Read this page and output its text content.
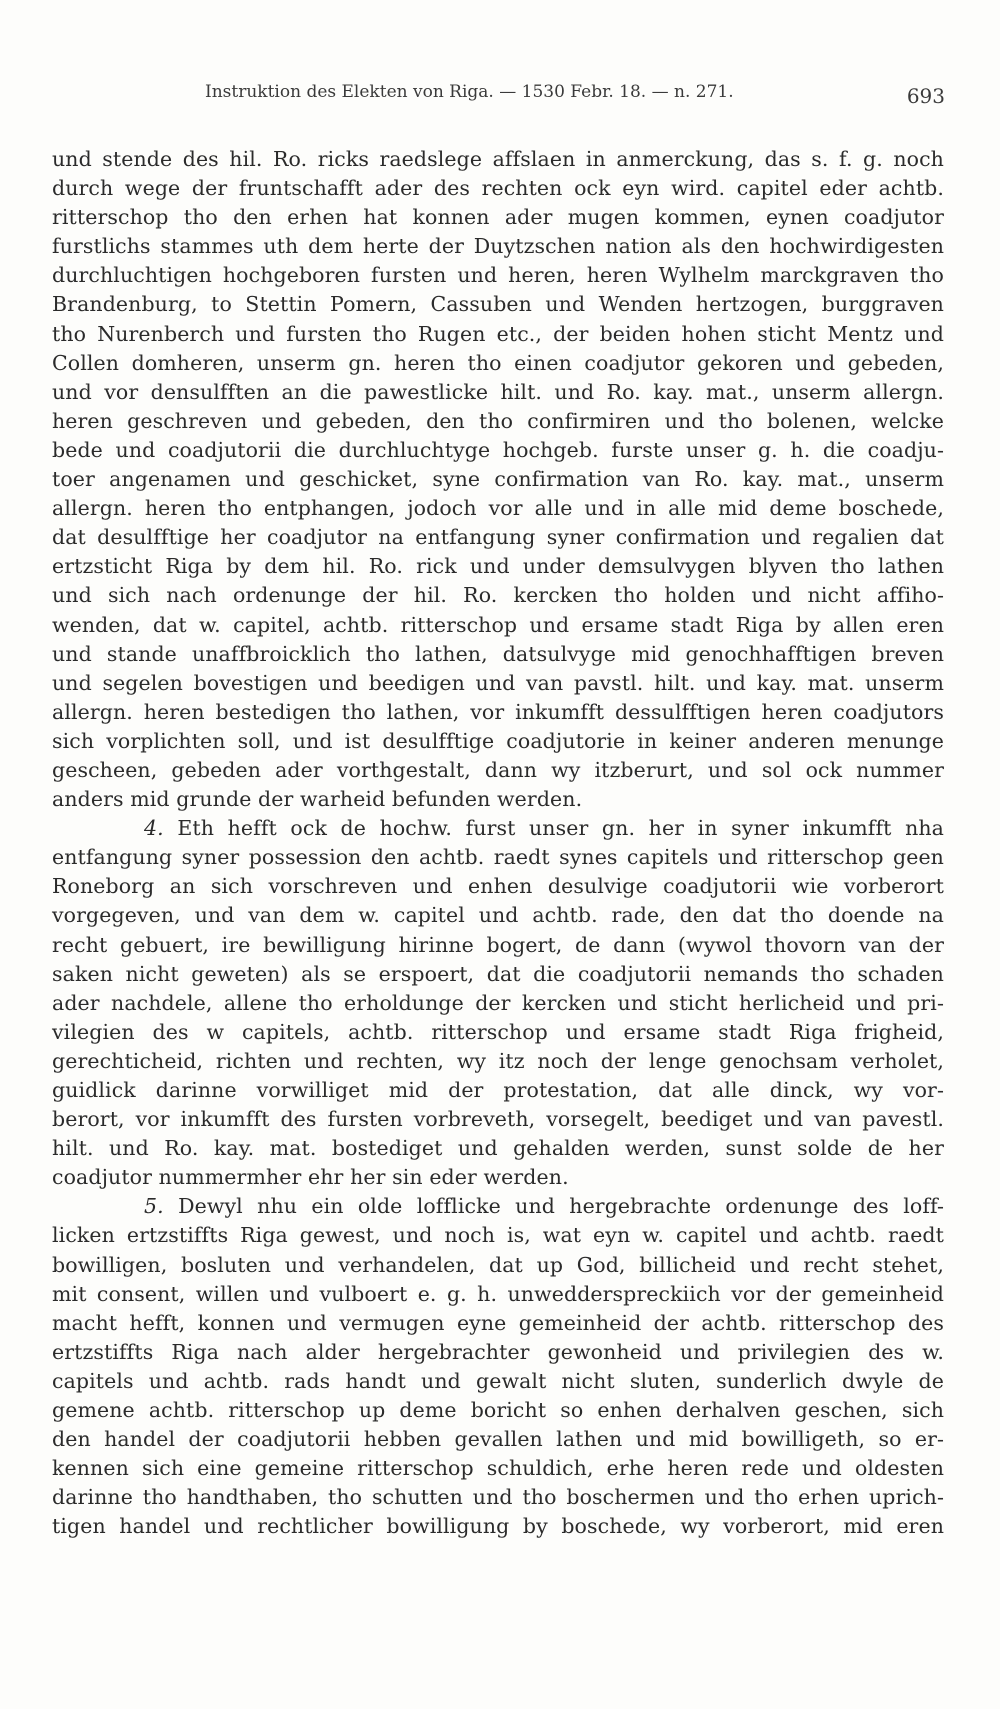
Instruktion des Elekten von Riga. — 1530 Febr. 18. — n. 271.	693
und stende des hil. Ro. ricks raedslege affslaen in anmerckung, das s. f. g. noch
durch wege der fruntschafft ader des rechten ock eyn wird. capitel eder achtb.
ritterschop tho den erhen hat konnen ader mugen kommen, eynen coadjutor
furstlichs stammes uth dem herte der Duytzschen nation als den hochwirdigesten
durchluchtigen hochgeboren fursten und heren, heren Wylhelm marckgraven tho
Brandenburg, to Stettin Pomern, Cassuben und Wenden hertzogen, burggraven
tho Nurenberch und fursten tho Rugen etc., der beiden hohen sticht Mentz und
Collen domheren, unserm gn. heren tho einen coadjutor gekoren und gebeden,
und vor densulfften an die pawestlicke hilt. und Ro. kay. mat., unserm allergn.
heren geschreven und gebeden, den tho confirmiren und tho bolenen, welcke
bede und coadjutorii die durchluchtyge hochgeb. furste unser g. h. die coadju-
toer angenamen und geschicket, syne confirmation van Ro. kay. mat., unserm
allergn. heren tho entphangen, jodoch vor alle und in alle mid deme boschede,
dat desulfftige her coadjutor na entfangung syner confirmation und regalien dat
ertzsticht Riga by dem hil. Ro. rick und under demsulvygen blyven tho lathen
und sich nach ordenunge der hil. Ro. kercken tho holden und nicht affiho-
wenden, dat w. capitel, achtb. ritterschop und ersame stadt Riga by allen eren
und stande unaffbroicklich tho lathen, datsulvyge mid genochhafftigen breven
und segelen bovestigen und beedigen und van pavstl. hilt. und kay. mat. unserm
allergn. heren bestedigen tho lathen, vor inkumfft dessulfftigen heren coadjutors
sich vorplichten soll, und ist desulfftige coadjutorie in keiner anderen menunge
gescheen, gebeden ader vorthgestalt, dann wy itzberurt, und sol ock nummer
anders mid grunde der warheid befunden werden.
4. Eth hefft ock de hochw. furst unser gn. her in syner inkumfft nha
entfangung syner possession den achtb. raedt synes capitels und ritterschop geen
Roneborg an sich vorschreven und enhen desulvige coadjutorii wie vorberort
vorgegeven, und van dem w. capitel und achtb. rade, den dat tho doende na
recht gebuert, ire bewilligung hirinne bogert, de dann (wywol thovorn van der
saken nicht geweten) als se erspoert, dat die coadjutorii nemands tho schaden
ader nachdele, allene tho erholdunge der kercken und sticht herlicheid und pri-
vilegien des w capitels, achtb. ritterschop und ersame stadt Riga frigheid,
gerechticheid, richten und rechten, wy itz noch der lenge genochsam verholet,
guidlick darinne vorwilliget mid der protestation, dat alle dinck, wy vor-
berort, vor inkumfft des fursten vorbreveth, vorsegelt, beediget und van pavestl.
hilt. und Ro. kay. mat. bostediget und gehalden werden, sunst solde de her
coadjutor nummermher ehr her sin eder werden.
5. Dewyl nhu ein olde lofflicke und hergebrachte ordenunge des loff-
licken ertzstiffts Riga gewest, und noch is, wat eyn w. capitel und achtb. raedt
bowilligen, bosluten und verhandelen, dat up God, billicheid und recht stehet,
mit consent, willen und vulboert e. g. h. unwedderspreckiich vor der gemeinheid
macht hefft, konnen und vermugen eyne gemeinheid der achtb. ritterschop des
ertzstiffts Riga nach alder hergebrachter gewonheid und privilegien des w.
capitels und achtb. rads handt und gewalt nicht sluten, sunderlich dwyle de
gemene achtb. ritterschop up deme boricht so enhen derhalven geschen, sich
den handel der coadjutorii hebben gevallen lathen und mid bowilligeth, so er-
kennen sich eine gemeine ritterschop schuldich, erhe heren rede und oldesten
darinne tho handthaben, tho schutten und tho boschermen und tho erhen uprich-
tigen handel und rechtlicher bowilligung by boschede, wy vorberort, mid eren
